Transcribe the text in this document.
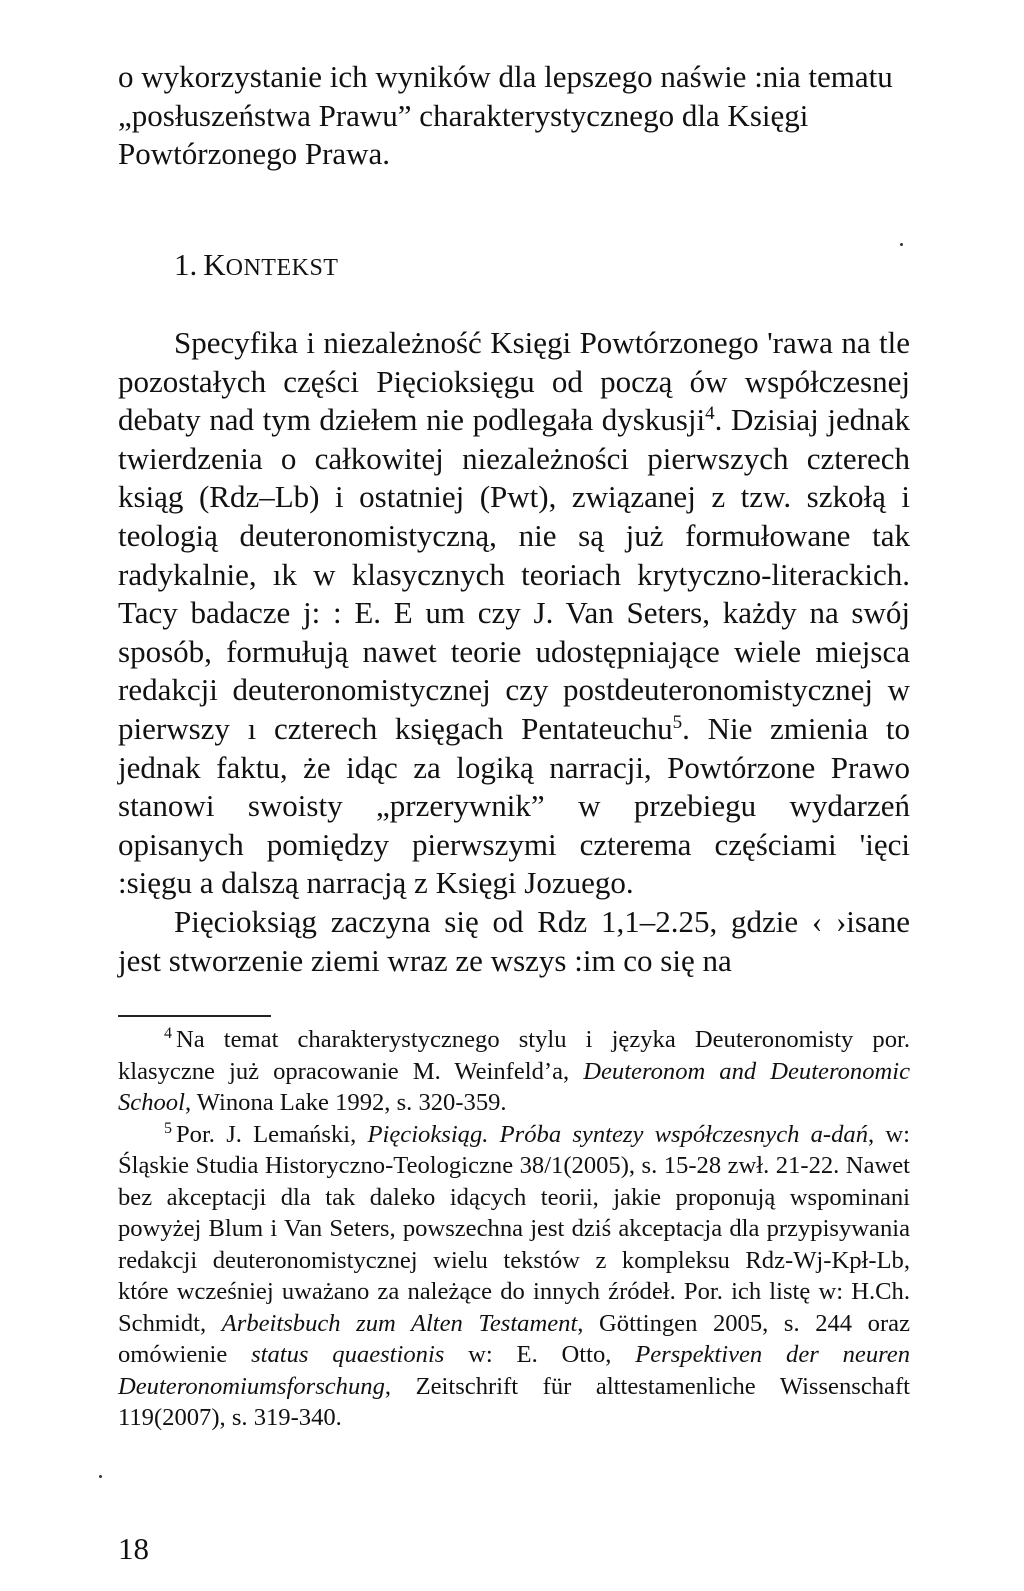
o wykorzystanie ich wyników dla lepszego naświe :nia tematu „posłuszeństwa Prawu” charakterystycznego dla Księgi Powtórzonego Prawa.

1. KONTEKST

Specyfika i niezależność Księgi Powtórzonego 'rawa na tle pozostałych części Pięcioksięgu od począ ów współczesnej debaty nad tym dziełem nie podlegała dyskusji$^4$. Dzisiaj jednak twierdzenia o całkowitej niezależności pierwszych czterech ksiąg (Rdz–Lb) i ostatniej (Pwt), związanej z tzw. szkołą i teologią deuteronomistyczną, nie są już formułowane tak radykalnie, ık w klasycznych teoriach krytyczno-literackich. Tacy badacze j: : E. E um czy J. Van Seters, każdy na swój sposób, formułują nawet teorie udostępniające wiele miejsca redakcji deuteronomistycznej czy postdeuteronomistycznej w pierwszy ı czterech księgach Pentateuchu$^5$. Nie zmienia to jednak faktu, że idąc za logiką narracji, Powtórzone Prawo stanowi swoisty „przerywnik” w przebiegu wydarzeń opisanych pomiędzy pierwszymi czterema częściami 'ięci :sięgu a dalszą narracją z Księgi Jozuego.

Pięcioksiąg zaczyna się od Rdz 1,1–2.25, gdzie ‹ ›isane jest stworzenie ziemi wraz ze wszys :im co się na

$^4$ Na temat charakterystycznego stylu i języka Deuteronomisty por. klasyczne już opracowanie M. Weinfeld’a, Deuteronom and Deuteronomic School, Winona Lake 1992, s. 320-359.

$^5$ Por. J. Lemański, Pięcioksiąg. Próba syntezy współczesnych a-dań, w: Śląskie Studia Historyczno-Teologiczne 38/1(2005), s. 15-28 zwł. 21-22. Nawet bez akceptacji dla tak daleko idących teorii, jakie proponują wspominani powyżej Blum i Van Seters, powszechna jest dziś akceptacja dla przypisywania redakcji deuteronomistycznej wielu tekstów z kompleksu Rdz-Wj-Kpł-Lb, które wcześniej uważano za należące do innych źródeł. Por. ich listę w: H.Ch. Schmidt, Arbeitsbuch zum Alten Testament, Göttingen 2005, s. 244 oraz omówienie status quaestionis w: E. Otto, Perspektiven der neuren Deuteronomiumsforschung, Zeitschrift für alttestamenliche Wissenschaft 119(2007), s. 319-340.

18
